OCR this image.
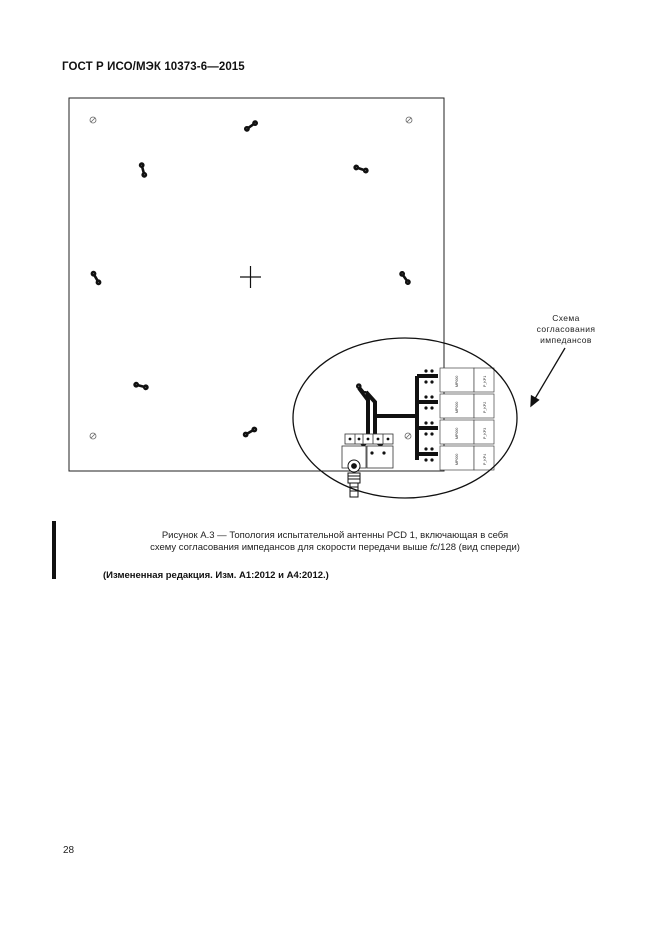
ГОСТ Р ИСО/МЭК 10373-6—2015
MP000
MP000
MP000
MP000
P_KP1
P_KP2
P_KP3
P_KP4
Схема
согласования
импедансов
Рисунок А.3 — Топология испытательной антенны PCD 1, включающая в себя
схему согласования импедансов для скорости передачи выше fc/128 (вид спереди)
(Измененная редакция. Изм. А1:2012 и А4:2012.)
28
